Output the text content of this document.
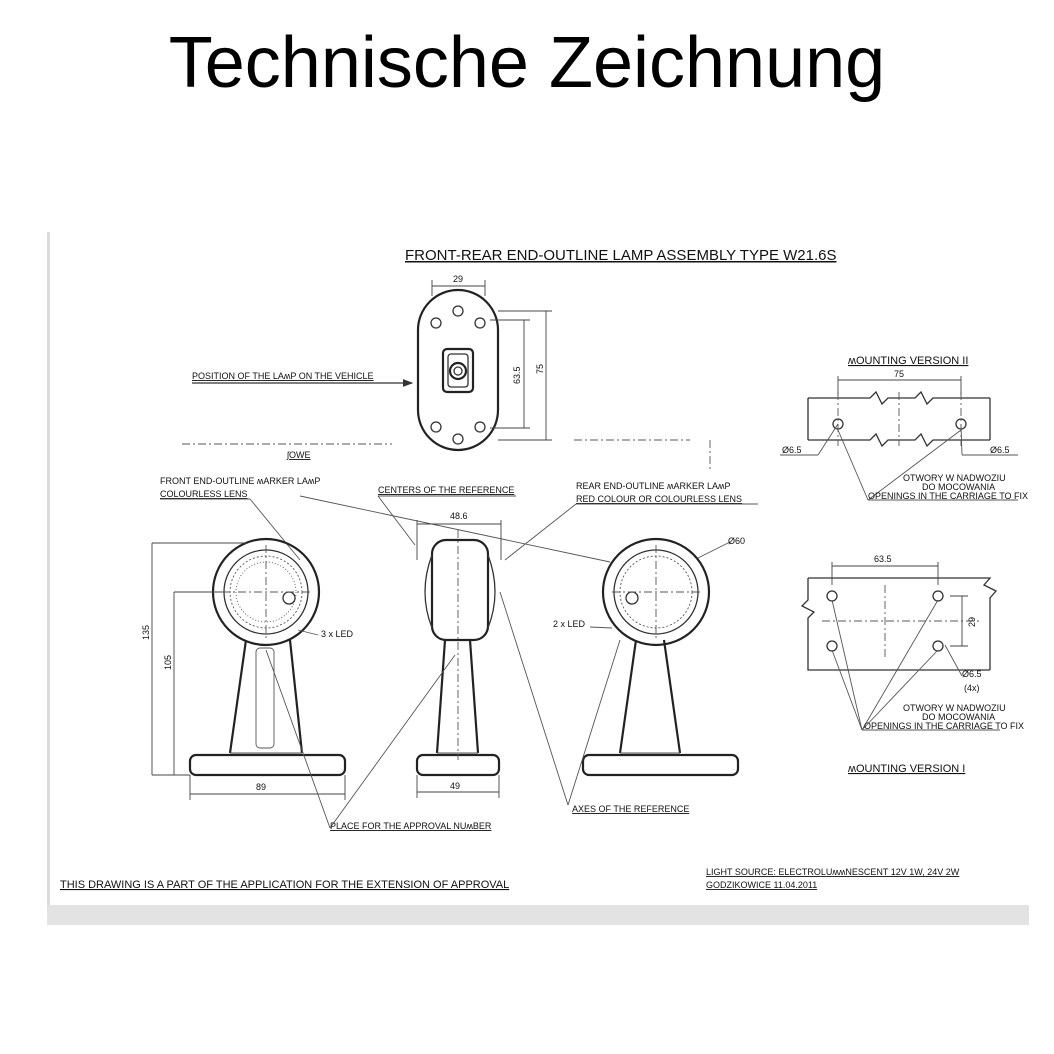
Technische Zeichnung
FRONT-REAR END-OUTLINE LAMP ASSEMBLY TYPE W21.6S
29
63.5 75
POSITION OF THE LAʍP ON THE VEHICLE
ʃOWE
FRONT END-OUTLINE ʍARKER LAʍP
COLOURLESS LENS	CENTERS OF THE REFERENCE	REAR END-OUTLINE ʍARKER LAʍP
RED COLOUR OR COLOURLESS LENS
135
105
89
3 x LED
48.6
49
Ø60
2 x LED
PLACE FOR THE APPROVAL NUʍBER
AXES OF THE REFERENCE
ʍOUNTING VERSION II
75
Ø6.5	Ø6.5
OTWORY W NADWOZIU
DO MOCOWANIA
OPENINGS IN THE CARRIAGE TO FIX
63.5
29
Ø6.5
(4x)
OTWORY W NADWOZIU
DO MOCOWANIA
OPENINGS IN THE CARRIAGE TO FIX
ʍOUNTING VERSION I
THIS DRAWING IS A PART OF THE APPLICATION FOR THE EXTENSION OF APPROVAL
LIGHT SOURCE: ELECTROLUʍʍNESCENT 12V 1W, 24V 2W
GODZIKOWICE 11.04.2011
